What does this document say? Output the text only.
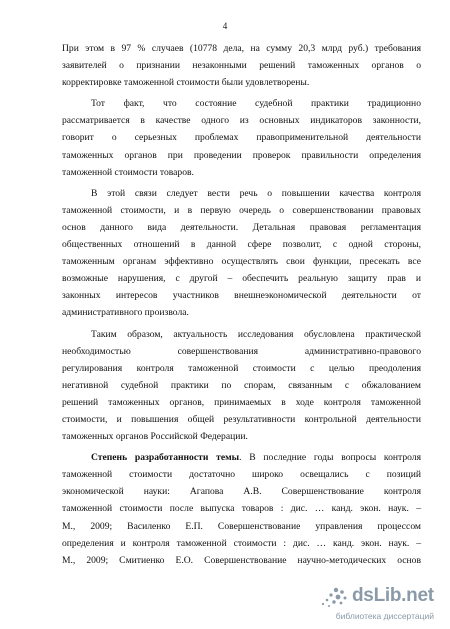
4
При этом в 97 % случаев (10778 дела, на сумму 20,3 млрд руб.) требования
заявителей о признании незаконными решений таможенных органов о
корректировке таможенной стоимости были удовлетворены.
Тот факт, что состояние судебной практики традиционно
рассматривается в качестве одного из основных индикаторов законности,
говорит о серьезных проблемах правоприменительной деятельности
таможенных органов при проведении проверок правильности определения
таможенной стоимости товаров.
В этой связи следует вести речь о повышении качества контроля
таможенной стоимости, и в первую очередь о совершенствовании правовых
основ данного вида деятельности. Детальная правовая регламентация
общественных отношений в данной сфере позволит, с одной стороны,
таможенным органам эффективно осуществлять свои функции, пресекать все
возможные нарушения, с другой – обеспечить реальную защиту прав и
законных интересов участников внешнеэкономической деятельности от
административного произвола.
Таким образом, актуальность исследования обусловлена практической
необходимостью совершенствования административно-правового
регулирования контроля таможенной стоимости с целью преодоления
негативной судебной практики по спорам, связанным с обжалованием
решений таможенных органов, принимаемых в ходе контроля таможенной
стоимости, и повышения общей результативности контрольной деятельности
таможенных органов Российской Федерации.
Степень разработанности темы. В последние годы вопросы контроля
таможенной стоимости достаточно широко освещались с позиций
экономической науки: Агапова А.В. Совершенствование контроля
таможенной стоимости после выпуска товаров : дис. … канд. экон. наук. –
М., 2009; Василенко Е.П. Совершенствование управления процессом
определения и контроля таможенной стоимости : дис. … канд. экон. наук. –
М., 2009; Смитиенко Е.О. Совершенствование научно-методических основ
dsLib.net
библиотека диссертаций
